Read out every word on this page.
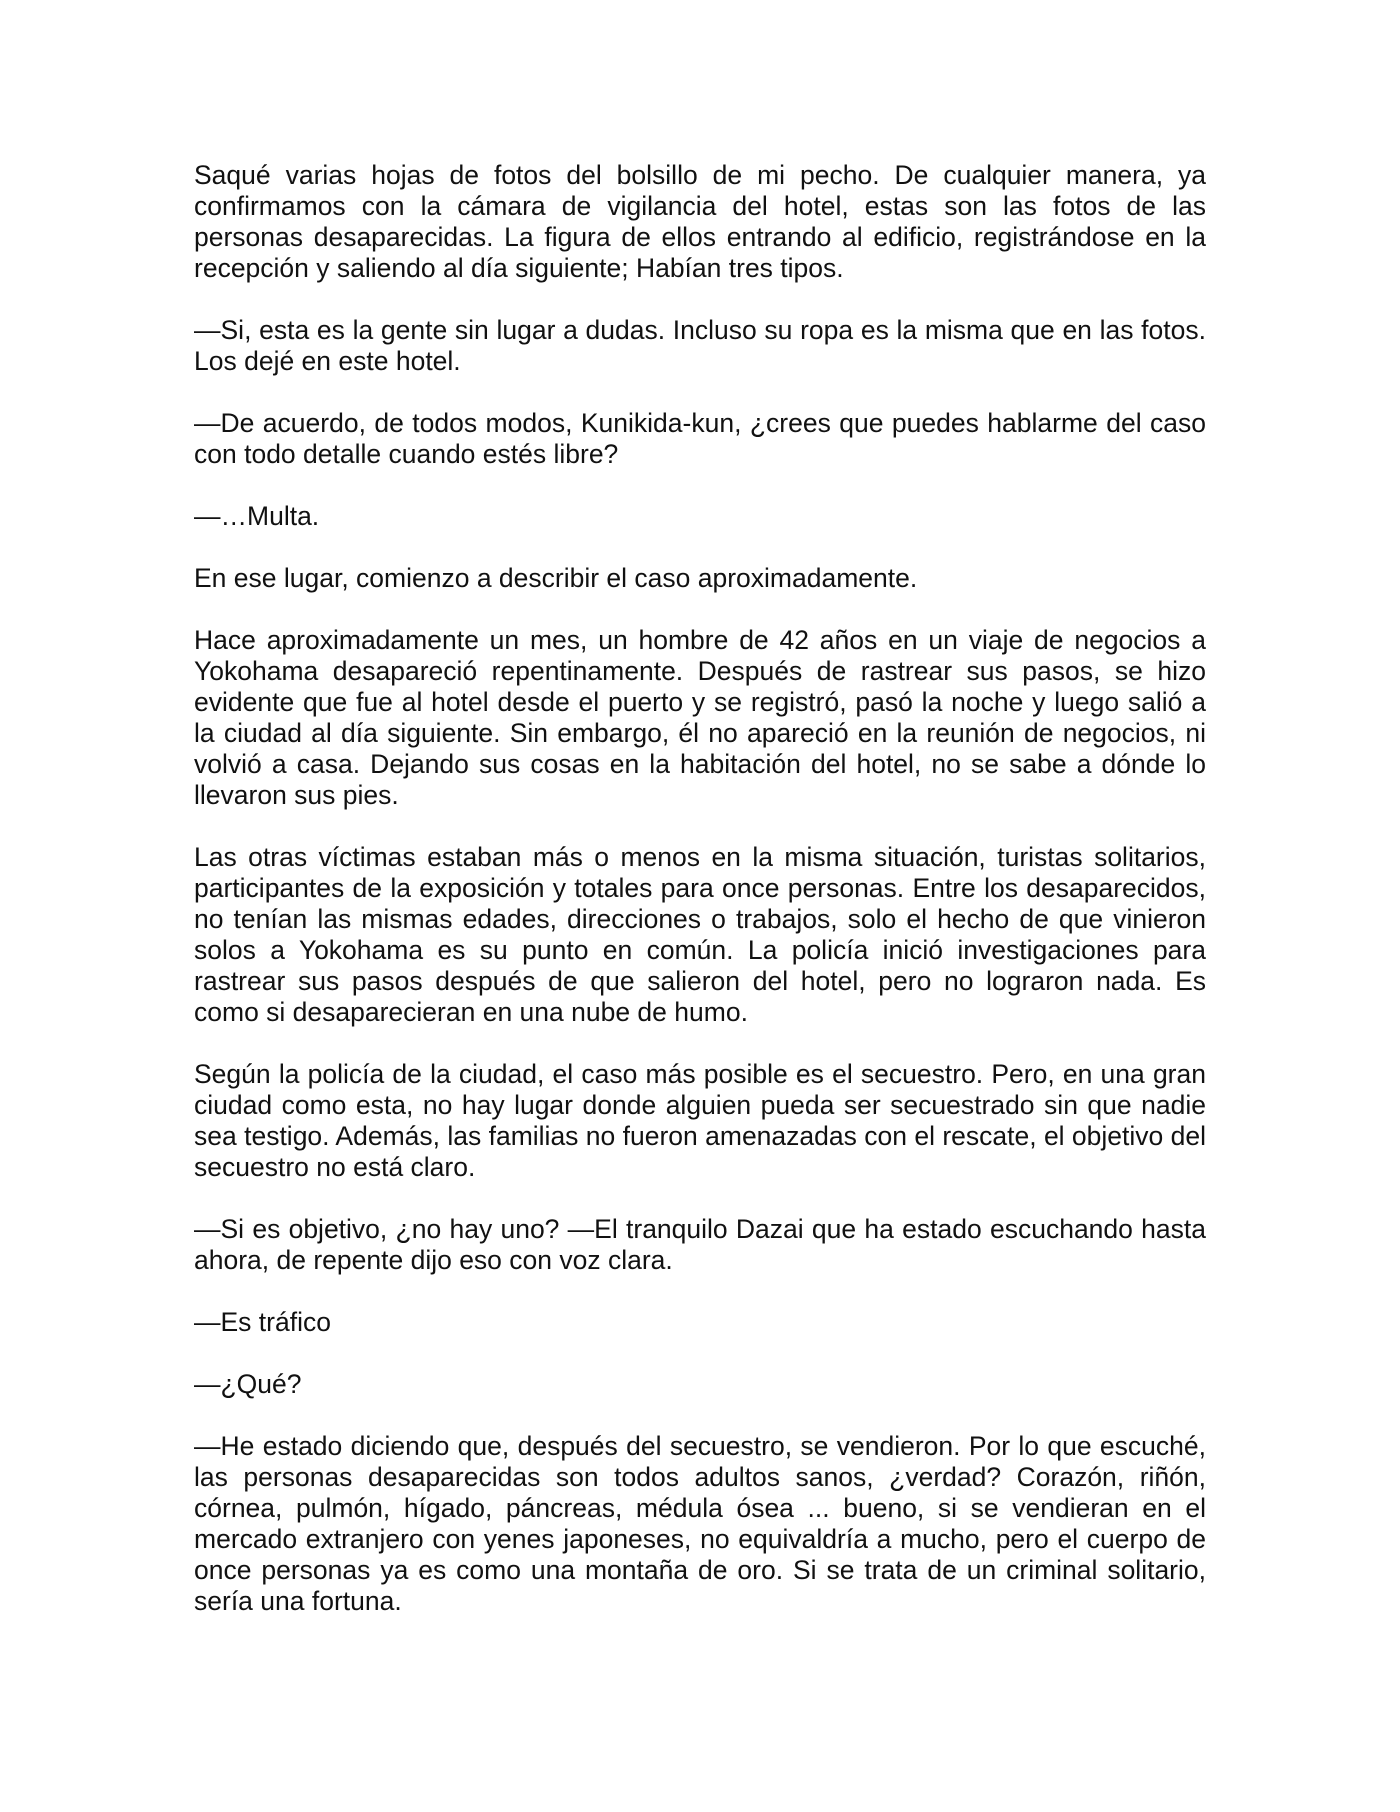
Saqué varias hojas de fotos del bolsillo de mi pecho. De cualquier manera, ya confirmamos con la cámara de vigilancia del hotel, estas son las fotos de las personas desaparecidas. La figura de ellos entrando al edificio, registrándose en la recepción y saliendo al día siguiente; Habían tres tipos.

—Si, esta es la gente sin lugar a dudas. Incluso su ropa es la misma que en las fotos. Los dejé en este hotel.

—De acuerdo, de todos modos, Kunikida-kun, ¿crees que puedes hablarme del caso con todo detalle cuando estés libre?

—…Multa.

En ese lugar, comienzo a describir el caso aproximadamente.

Hace aproximadamente un mes, un hombre de 42 años en un viaje de negocios a Yokohama desapareció repentinamente. Después de rastrear sus pasos, se hizo evidente que fue al hotel desde el puerto y se registró, pasó la noche y luego salió a la ciudad al día siguiente. Sin embargo, él no apareció en la reunión de negocios, ni volvió a casa. Dejando sus cosas en la habitación del hotel, no se sabe a dónde lo llevaron sus pies.

Las otras víctimas estaban más o menos en la misma situación, turistas solitarios, participantes de la exposición y totales para once personas. Entre los desaparecidos, no tenían las mismas edades, direcciones o trabajos, solo el hecho de que vinieron solos a Yokohama es su punto en común. La policía inició investigaciones para rastrear sus pasos después de que salieron del hotel, pero no lograron nada. Es como si desaparecieran en una nube de humo.

Según la policía de la ciudad, el caso más posible es el secuestro. Pero, en una gran ciudad como esta, no hay lugar donde alguien pueda ser secuestrado sin que nadie sea testigo. Además, las familias no fueron amenazadas con el rescate, el objetivo del secuestro no está claro.

—Si es objetivo, ¿no hay uno? —El tranquilo Dazai que ha estado escuchando hasta ahora, de repente dijo eso con voz clara.

—Es tráfico

—¿Qué?

—He estado diciendo que, después del secuestro, se vendieron. Por lo que escuché, las personas desaparecidas son todos adultos sanos, ¿verdad? Corazón, riñón, córnea, pulmón, hígado, páncreas, médula ósea ... bueno, si se vendieran en el mercado extranjero con yenes japoneses, no equivaldría a mucho, pero el cuerpo de once personas ya es como una montaña de oro. Si se trata de un criminal solitario, sería una fortuna.
